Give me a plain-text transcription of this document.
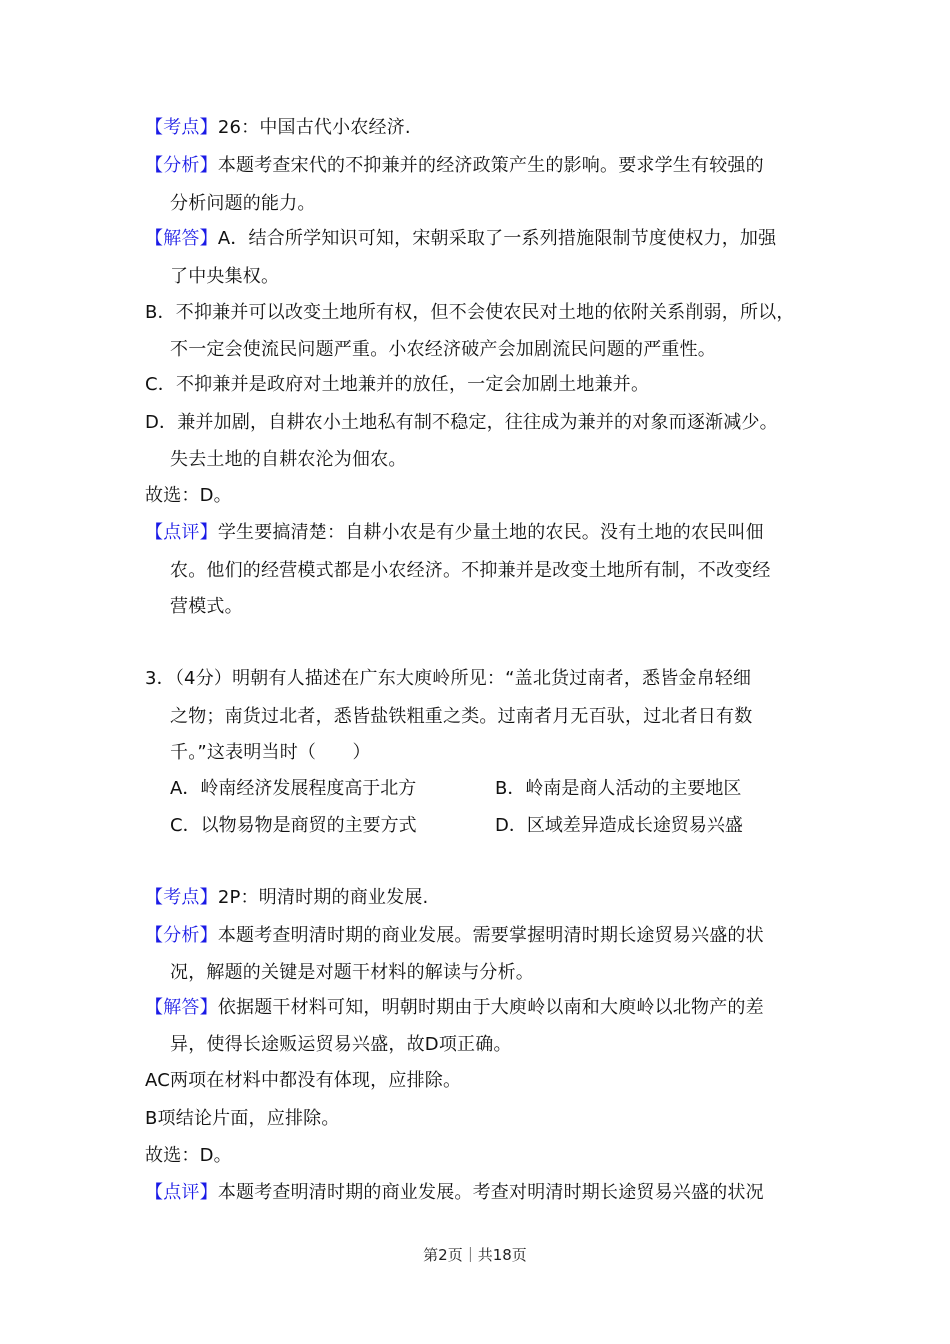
【考点】26：中国古代小农经济.
【分析】本题考查宋代的不抑兼并的经济政策产生的影响。要求学生有较强的
分析问题的能力。
【解答】A．结合所学知识可知，宋朝采取了一系列措施限制节度使权力，加强
了中央集权。
B．不抑兼并可以改变土地所有权，但不会使农民对土地的依附关系削弱，所以，
不一定会使流民问题严重。小农经济破产会加剧流民问题的严重性。
C．不抑兼并是政府对土地兼并的放任，一定会加剧土地兼并。
D．兼并加剧，自耕农小土地私有制不稳定，往往成为兼并的对象而逐渐减少。
失去土地的自耕农沦为佃农。
故选：D。
【点评】学生要搞清楚：自耕小农是有少量土地的农民。没有土地的农民叫佃
农。他们的经营模式都是小农经济。不抑兼并是改变土地所有制，不改变经
营模式。
3．（4分）明朝有人描述在广东大庾岭所见：“盖北货过南者，悉皆金帛轻细
之物；南货过北者，悉皆盐铁粗重之类。过南者月无百驮，过北者日有数
千。”这表明当时（　　）
A．岭南经济发展程度高于北方	B．岭南是商人活动的主要地区
C．以物易物是商贸的主要方式	D．区域差异造成长途贸易兴盛
【考点】2P：明清时期的商业发展.
【分析】本题考查明清时期的商业发展。需要掌握明清时期长途贸易兴盛的状
况，解题的关键是对题干材料的解读与分析。
【解答】依据题干材料可知，明朝时期由于大庾岭以南和大庾岭以北物产的差
异，使得长途贩运贸易兴盛，故D项正确。
AC两项在材料中都没有体现，应排除。
B项结论片面，应排除。
故选：D。
【点评】本题考查明清时期的商业发展。考查对明清时期长途贸易兴盛的状况
第2页｜共18页
